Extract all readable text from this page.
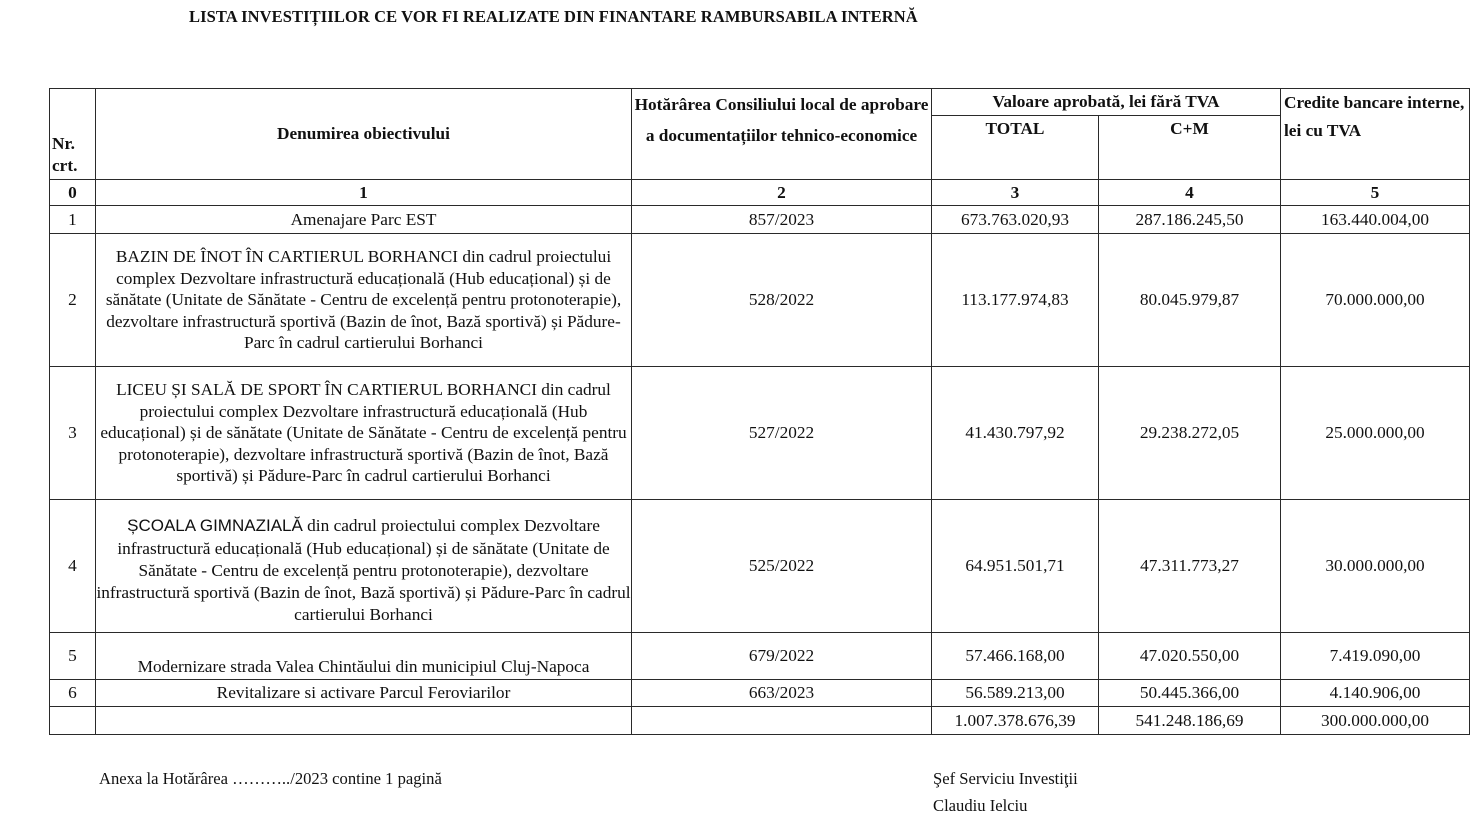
LISTA INVESTIȚIILOR CE VOR FI REALIZATE DIN FINANTARE RAMBURSABILA INTERNĂ
Nr. crt.	Denumirea obiectivului	Hotărârea Consiliului local de aprobare a documentațiilor tehnico-economice	Valoare aprobată, lei fără TVA		Credite bancare interne, lei cu TVA
			TOTAL	C+M	
0	1	2	3	4	5
1	Amenajare Parc EST	857/2023	673.763.020,93	287.186.245,50	163.440.004,00
2	BAZIN DE ÎNOT ÎN CARTIERUL BORHANCI din cadrul proiectului complex Dezvoltare infrastructură educațională (Hub educațional) și de sănătate (Unitate de Sănătate - Centru de excelență pentru protonoterapie), dezvoltare infrastructură sportivă (Bazin de înot, Bază sportivă) și Pădure-Parc în cadrul cartierului Borhanci	528/2022	113.177.974,83	80.045.979,87	70.000.000,00
3	LICEU ȘI SALĂ DE SPORT ÎN CARTIERUL BORHANCI din cadrul proiectului complex Dezvoltare infrastructură educațională (Hub educațional) și de sănătate (Unitate de Sănătate - Centru de excelență pentru protonoterapie), dezvoltare infrastructură sportivă (Bazin de înot, Bază sportivă) și Pădure-Parc în cadrul cartierului Borhanci	527/2022	41.430.797,92	29.238.272,05	25.000.000,00
4	ȘCOALA GIMNAZIALĂ din cadrul proiectului complex Dezvoltare infrastructură educațională (Hub educațional) și de sănătate (Unitate de Sănătate - Centru de excelență pentru protonoterapie), dezvoltare infrastructură sportivă (Bazin de înot, Bază sportivă) și Pădure-Parc în cadrul cartierului Borhanci	525/2022	64.951.501,71	47.311.773,27	30.000.000,00
5	Modernizare strada Valea Chintăului din municipiul Cluj-Napoca	679/2022	57.466.168,00	47.020.550,00	7.419.090,00
6	Revitalizare si activare Parcul Feroviarilor	663/2023	56.589.213,00	50.445.366,00	4.140.906,00
			1.007.378.676,39	541.248.186,69	300.000.000,00
Anexa la Hotărârea ………../2023 contine 1 pagină	Şef Serviciu Investiţii
Claudiu Ielciu
